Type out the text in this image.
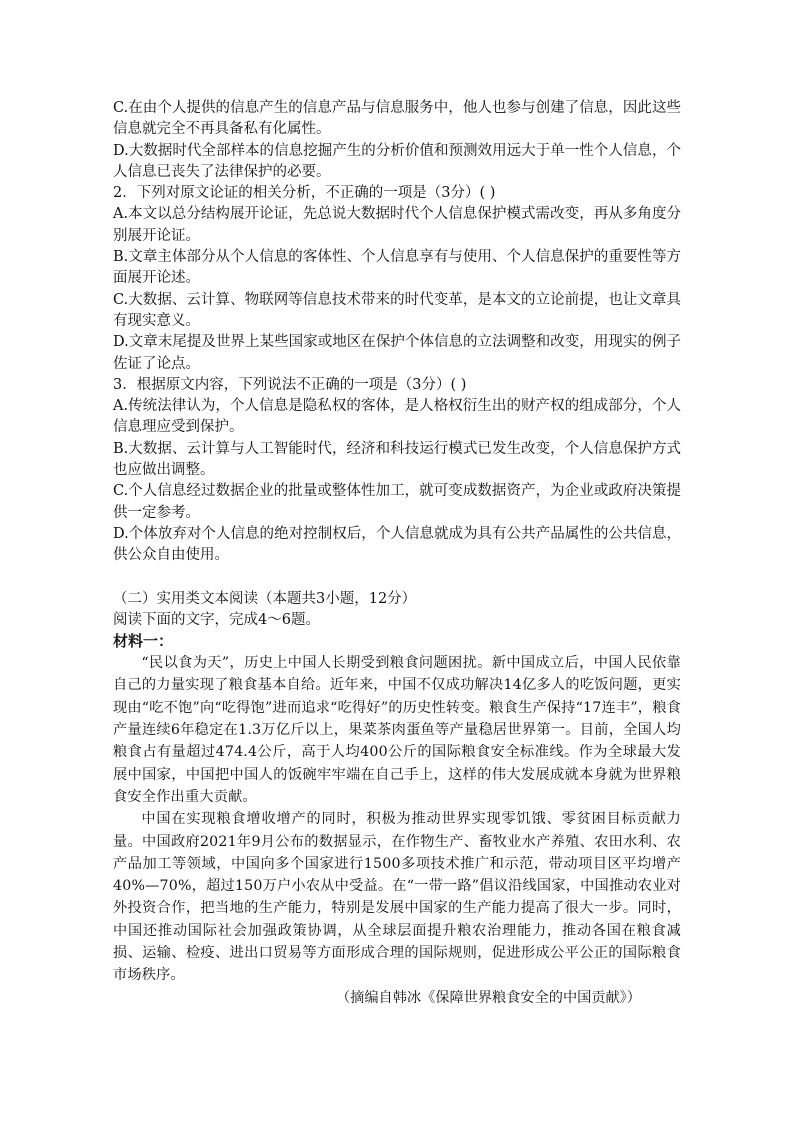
C.在由个人提供的信息产生的信息产品与信息服务中，他人也参与创建了信息，因此这些信息就完全不再具备私有化属性。

D.大数据时代全部样本的信息挖掘产生的分析价值和预测效用远大于单一性个人信息，个人信息已丧失了法律保护的必要。

2．下列对原文论证的相关分析，不正确的一项是（3分）( )

A.本文以总分结构展开论证，先总说大数据时代个人信息保护模式需改变，再从多角度分别展开论证。

B.文章主体部分从个人信息的客体性、个人信息享有与使用、个人信息保护的重要性等方面展开论述。

C.大数据、云计算、物联网等信息技术带来的时代变革，是本文的立论前提，也让文章具有现实意义。

D.文章末尾提及世界上某些国家或地区在保护个体信息的立法调整和改变，用现实的例子佐证了论点。

3．根据原文内容，下列说法不正确的一项是（3分）( )

A.传统法律认为，个人信息是隐私权的客体，是人格权衍生出的财产权的组成部分，个人信息理应受到保护。

B.大数据、云计算与人工智能时代，经济和科技运行模式已发生改变，个人信息保护方式也应做出调整。

C.个人信息经过数据企业的批量或整体性加工，就可变成数据资产，为企业或政府决策提供一定参考。

D.个体放弃对个人信息的绝对控制权后，个人信息就成为具有公共产品属性的公共信息，供公众自由使用。

（二）实用类文本阅读（本题共3小题，12分）

阅读下面的文字，完成4～6题。

材料一：

“民以食为天”，历史上中国人长期受到粮食问题困扰。新中国成立后，中国人民依靠自己的力量实现了粮食基本自给。近年来，中国不仅成功解决14亿多人的吃饭问题，更实现由“吃不饱”向“吃得饱”进而追求“吃得好”的历史性转变。粮食生产保持“17连丰”，粮食产量连续6年稳定在1.3万亿斤以上，果菜茶肉蛋鱼等产量稳居世界第一。目前，全国人均粮食占有量超过474.4公斤，高于人均400公斤的国际粮食安全标准线。作为全球最大发展中国家，中国把中国人的饭碗牢牢端在自己手上，这样的伟大发展成就本身就为世界粮食安全作出重大贡献。

中国在实现粮食增收增产的同时，积极为推动世界实现零饥饿、零贫困目标贡献力量。中国政府2021年9月公布的数据显示，在作物生产、畜牧业水产养殖、农田水利、农产品加工等领域，中国向多个国家进行1500多项技术推广和示范，带动项目区平均增产40%—70%，超过150万户小农从中受益。在“一带一路”倡议沿线国家，中国推动农业对外投资合作，把当地的生产能力，特别是发展中国家的生产能力提高了很大一步。同时，中国还推动国际社会加强政策协调，从全球层面提升粮农治理能力，推动各国在粮食减损、运输、检疫、进出口贸易等方面形成合理的国际规则，促进形成公平公正的国际粮食市场秩序。

（摘编自韩冰《保障世界粮食安全的中国贡献》）
